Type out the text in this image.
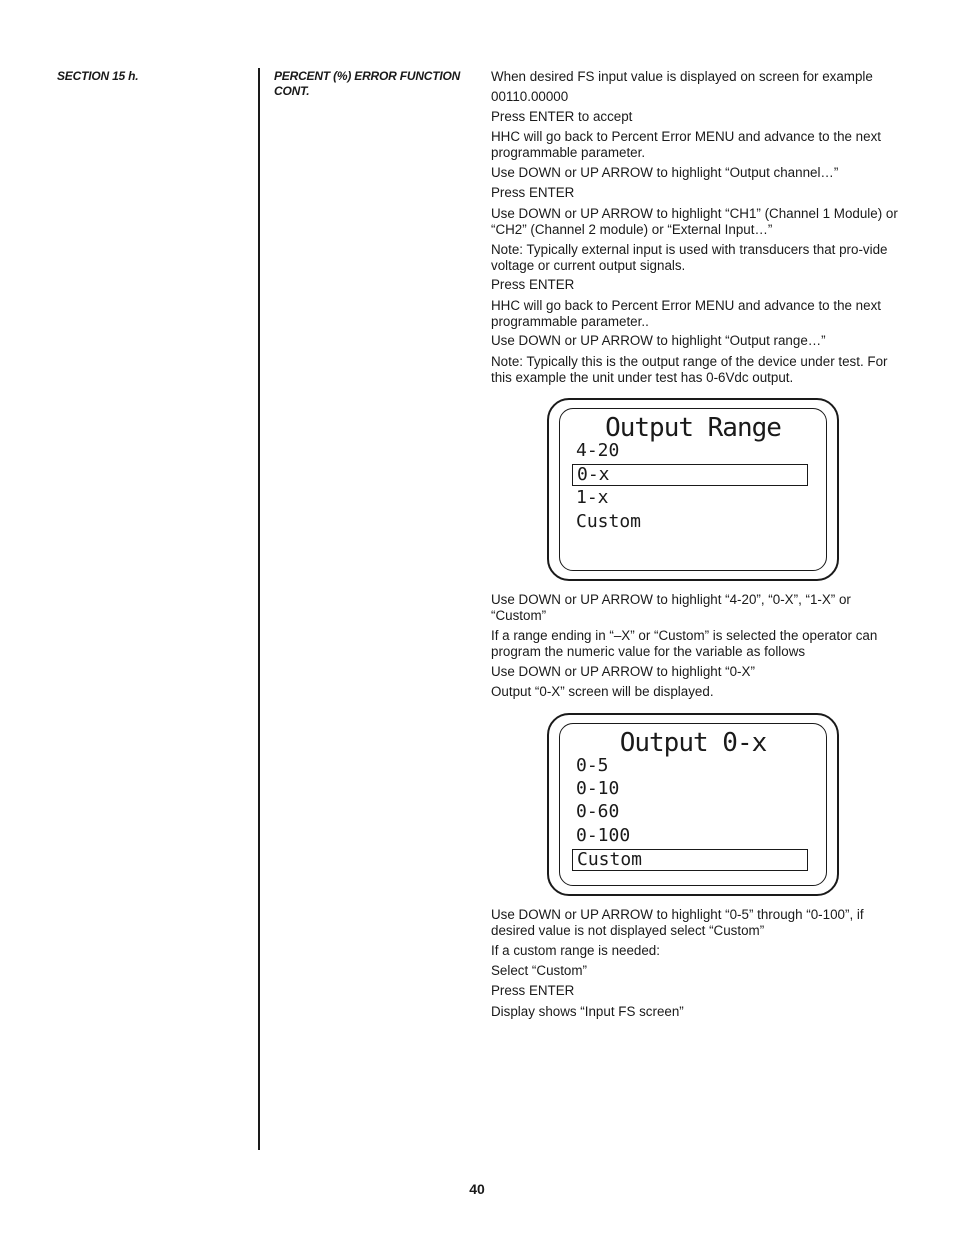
SECTION 15 h.	PERCENT (%) ERROR FUNCTION CONT.

When desired FS input value is displayed on screen for example

00110.00000

Press ENTER to accept

HHC will go back to Percent Error MENU and advance to the next programmable parameter.

Use DOWN or UP ARROW to highlight “Output channel…”

Press ENTER

Use DOWN or UP ARROW to highlight “CH1” (Channel 1 Module) or “CH2” (Channel 2 module) or “External Input…”

Note: Typically external input is used with transducers that pro-vide voltage or current output signals.

Press ENTER

HHC will go back to Percent Error MENU and advance to the next programmable parameter..

Use DOWN or UP ARROW to highlight “Output range…”

Note: Typically this is the output range of the device under test. For this example the unit under test has 0-6Vdc output.

Output Range
4-20
0-x
1-x
Custom

Use DOWN or UP ARROW to highlight “4-20”, “0-X”, “1-X” or “Custom”

If a range ending in “–X” or “Custom” is selected the operator can program the numeric value for the variable as follows

Use DOWN or UP ARROW to highlight “0-X”

Output “0-X” screen will be displayed.

Output 0-x
0-5
0-10
0-60
0-100
Custom

Use DOWN or UP ARROW to highlight “0-5” through “0-100”, if desired value is not displayed select “Custom”

If a custom range is needed:

Select “Custom”

Press ENTER

Display shows “Input FS screen”

40
